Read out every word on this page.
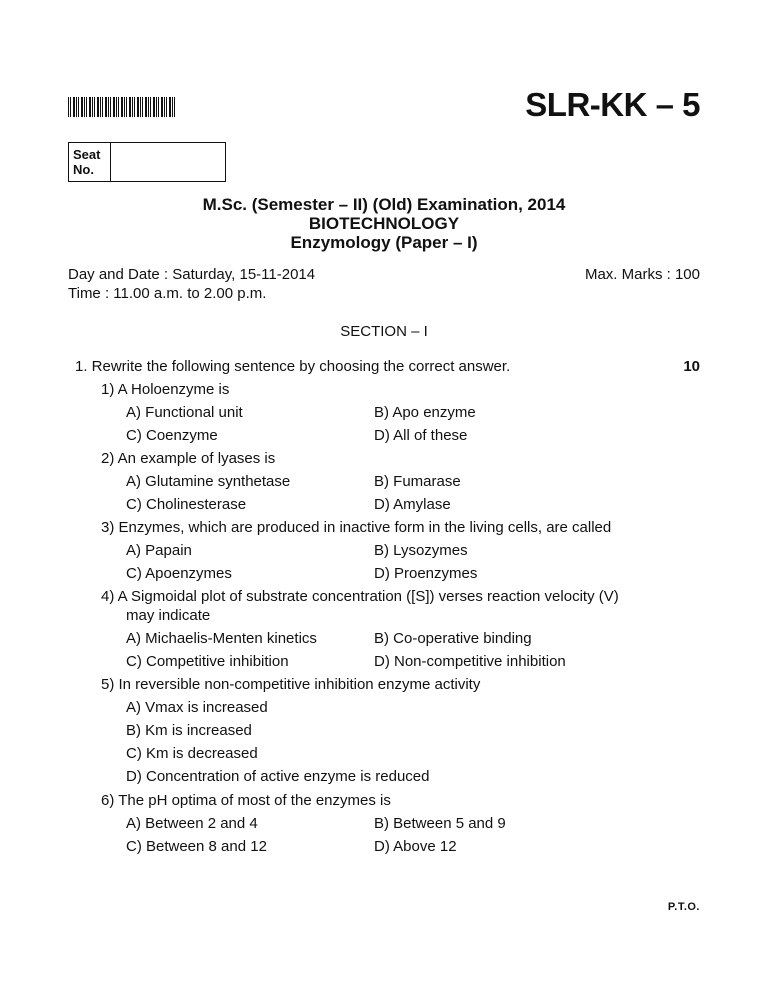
SLR-KK – 5
Seat No.
M.Sc. (Semester – II) (Old) Examination, 2014
BIOTECHNOLOGY
Enzymology (Paper – I)
Day and Date : Saturday, 15-11-2014
Time : 11.00 a.m. to 2.00 p.m.
Max. Marks : 100
SECTION – I
1. Rewrite the following sentence by choosing the correct answer.	10
1) A Holoenzyme is
A) Functional unit	B) Apo enzyme
C) Coenzyme	D) All of these
2) An example of lyases is
A) Glutamine synthetase	B) Fumarase
C) Cholinesterase	D) Amylase
3) Enzymes, which are produced in inactive form in the living cells, are called
A) Papain	B) Lysozymes
C) Apoenzymes	D) Proenzymes
4) A Sigmoidal plot of substrate concentration ([S]) verses reaction velocity (V)
may indicate
A) Michaelis-Menten kinetics	B) Co-operative binding
C) Competitive inhibition	D) Non-competitive inhibition
5) In reversible non-competitive inhibition enzyme activity
A) Vmax is increased
B) Km is increased
C) Km is decreased
D) Concentration of active enzyme is reduced
6) The pH optima of most of the enzymes is
A) Between 2 and 4	B) Between 5 and 9
C) Between 8 and 12	D) Above 12
P.T.O.
